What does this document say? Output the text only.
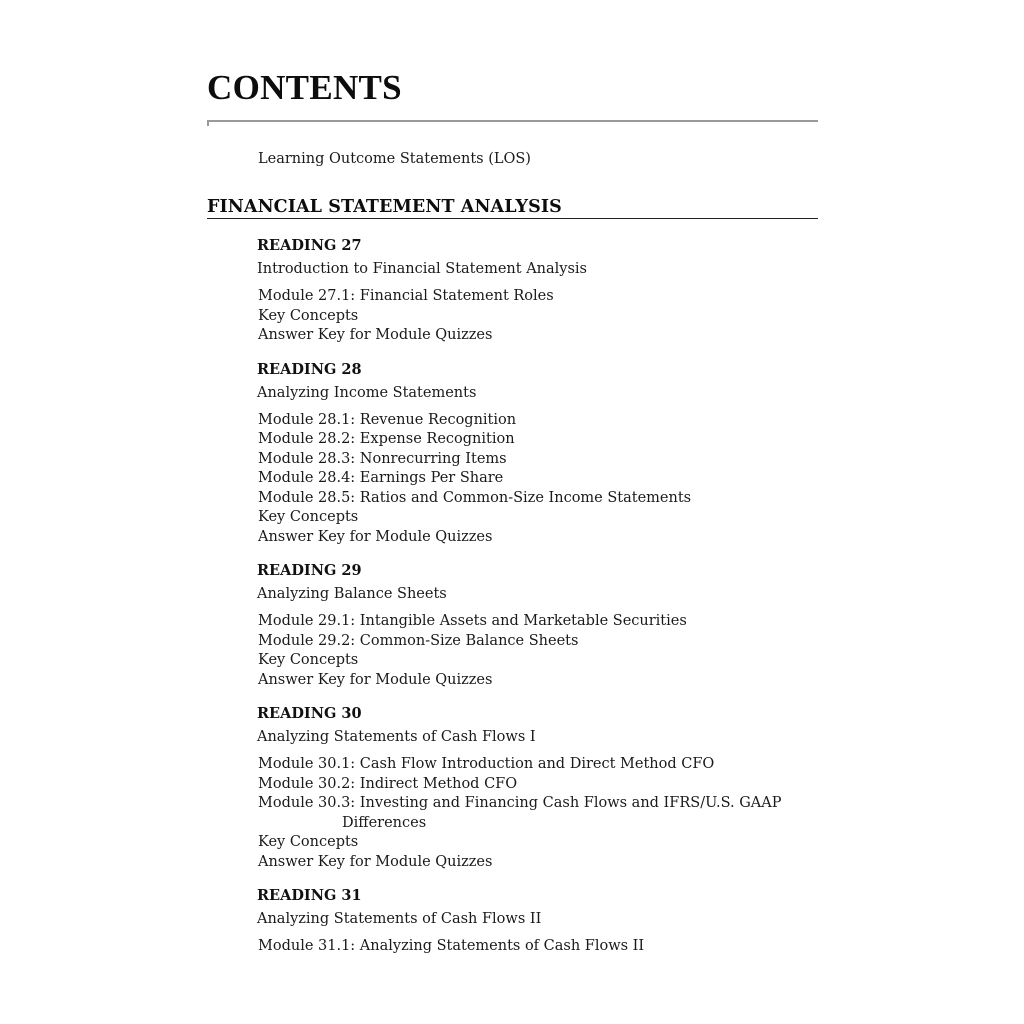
CONTENTS
Learning Outcome Statements (LOS)
FINANCIAL STATEMENT ANALYSIS
READING 27
Introduction to Financial Statement Analysis
Module 27.1: Financial Statement Roles
Key Concepts
Answer Key for Module Quizzes
READING 28
Analyzing Income Statements
Module 28.1: Revenue Recognition
Module 28.2: Expense Recognition
Module 28.3: Nonrecurring Items
Module 28.4: Earnings Per Share
Module 28.5: Ratios and Common-Size Income Statements
Key Concepts
Answer Key for Module Quizzes
READING 29
Analyzing Balance Sheets
Module 29.1: Intangible Assets and Marketable Securities
Module 29.2: Common-Size Balance Sheets
Key Concepts
Answer Key for Module Quizzes
READING 30
Analyzing Statements of Cash Flows I
Module 30.1: Cash Flow Introduction and Direct Method CFO
Module 30.2: Indirect Method CFO
Module 30.3: Investing and Financing Cash Flows and IFRS/U.S. GAAP
Differences
Key Concepts
Answer Key for Module Quizzes
READING 31
Analyzing Statements of Cash Flows II
Module 31.1: Analyzing Statements of Cash Flows II
